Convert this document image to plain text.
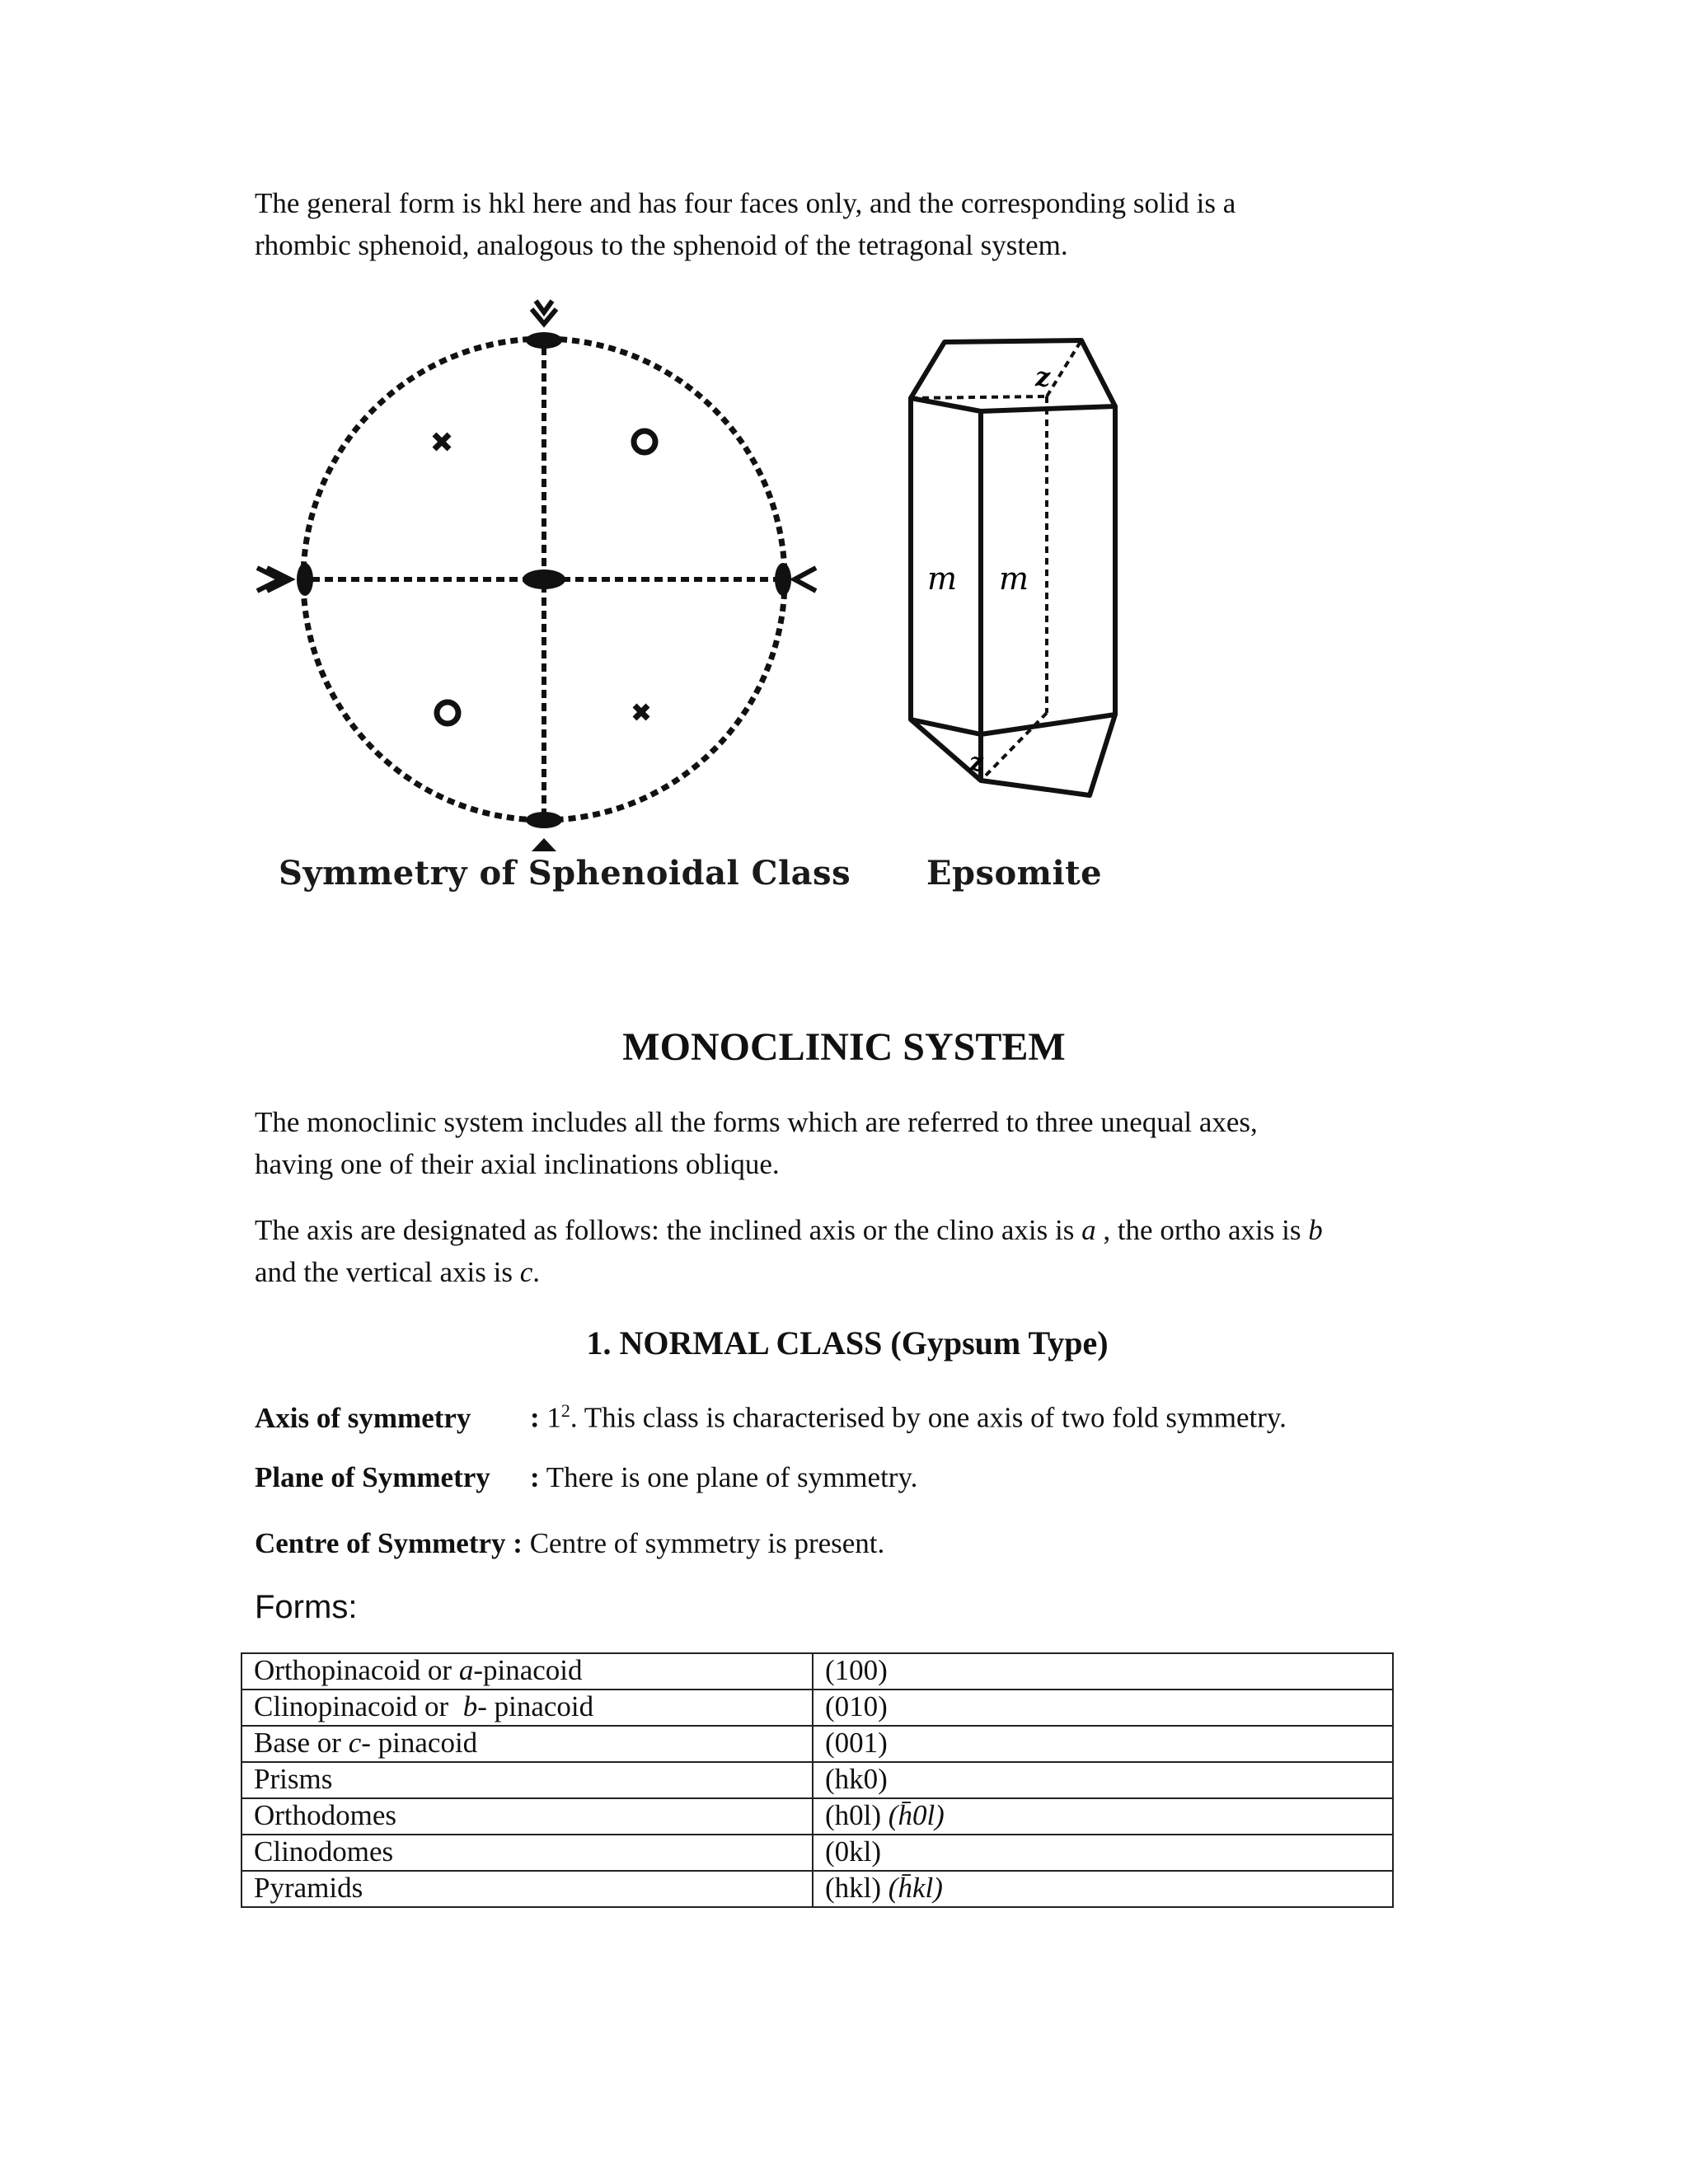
The general form is hkl here and has four faces only, and the corresponding solid is a
rhombic sphenoid, analogous to the sphenoid of the tetragonal system.

Symmetry of Sphenoidal Class
z
m m
z
Epsomite
MONOCLINIC SYSTEM

The monoclinic system includes all the forms which are referred to three unequal axes,
having one of their axial inclinations oblique.

The axis are designated as follows: the inclined axis or the clino axis is a , the ortho axis is b
and the vertical axis is c.

1. NORMAL CLASS (Gypsum Type)
Axis of symmetry : $1^2$. This class is characterised by one axis of two fold symmetry.
Plane of Symmetry : There is one plane of symmetry.
Centre of Symmetry : Centre of symmetry is present.
Forms:
Orthopinacoid or a-pinacoid	(100)
Clinopinacoid or  b- pinacoid	(010)
Base or c- pinacoid	(001)
Prisms	(hk0)
Orthodomes	(h0l) (h̄0l)
Clinodomes	(0kl)
Pyramids	(hkl) (h̄kl)
